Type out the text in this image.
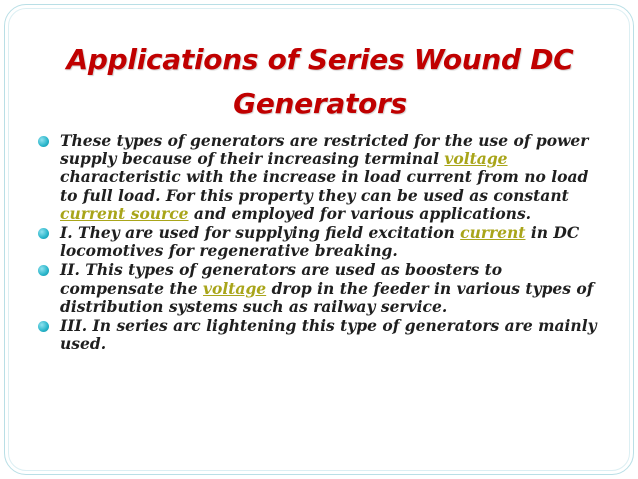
Applications of Series Wound DC
Generators
These types of generators are restricted for the use of power supply because of their increasing terminal voltage characteristic with the increase in load current from no load to full load. For this property they can be used as constant current source and employed for various applications.
I. They are used for supplying field excitation current in DC locomotives for regenerative breaking.
II. This types of generators are used as boosters to compensate the voltage drop in the feeder in various types of distribution systems such as railway service.
III. In series arc lightening this type of generators are mainly used.
